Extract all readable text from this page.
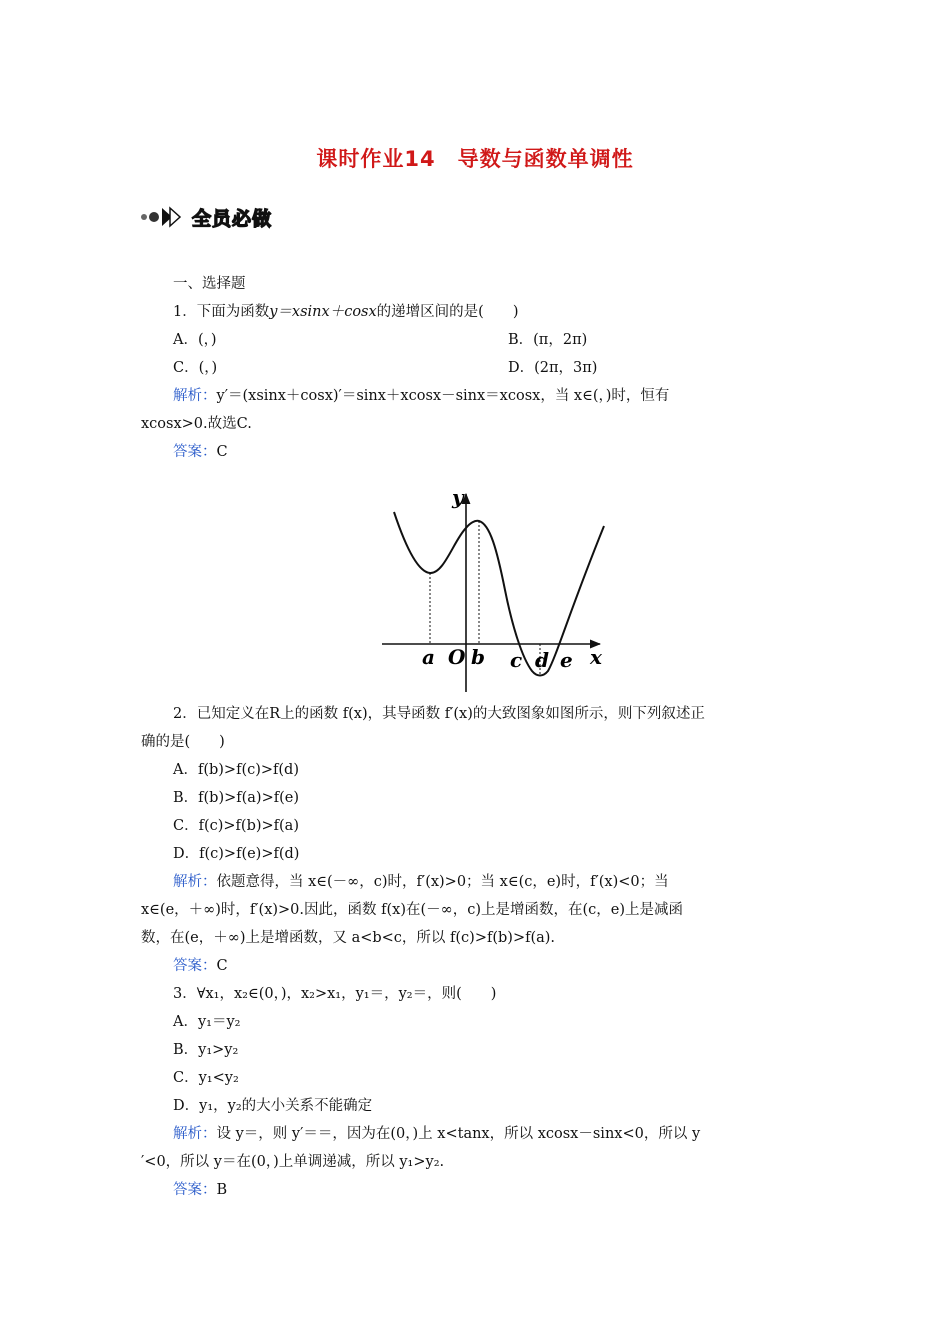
课时作业14 导数与函数单调性
全员必做
一、选择题
1．下面为函数y＝xsinx＋cosx的递增区间的是(　　)
A．(，)	B．(π，2π)
C．(，)	D．(2π，3π)
解析：y′＝(xsinx＋cosx)′＝sinx＋xcosx－sinx＝xcosx，当 x∈(，)时，恒有
xcosx>0.故选C.
答案：C
2．已知定义在R上的函数 f(x)，其导函数 f′(x)的大致图象如图所示，则下列叙述正
确的是(　　)
A．f(b)>f(c)>f(d)
B．f(b)>f(a)>f(e)
C．f(c)>f(b)>f(a)
D．f(c)>f(e)>f(d)
解析：依题意得，当 x∈(－∞，c)时，f′(x)>0；当 x∈(c，e)时，f′(x)<0；当
x∈(e，＋∞)时，f′(x)>0.因此，函数 f(x)在(－∞，c)上是增函数，在(c，e)上是减函
数，在(e，＋∞)上是增函数，又 a<b<c，所以 f(c)>f(b)>f(a).
答案：C
3．∀x₁，x₂∈(0，)，x₂>x₁，y₁＝，y₂＝，则(　　)
A．y₁＝y₂
B．y₁>y₂
C．y₁<y₂
D．y₁，y₂的大小关系不能确定
解析：设 y＝，则 y′＝＝，因为在(0，)上 x<tanx，所以 xcosx－sinx<0，所以 y
′<0，所以 y＝在(0，)上单调递减，所以 y₁>y₂.
答案：B
y
x
O
a b c d e
